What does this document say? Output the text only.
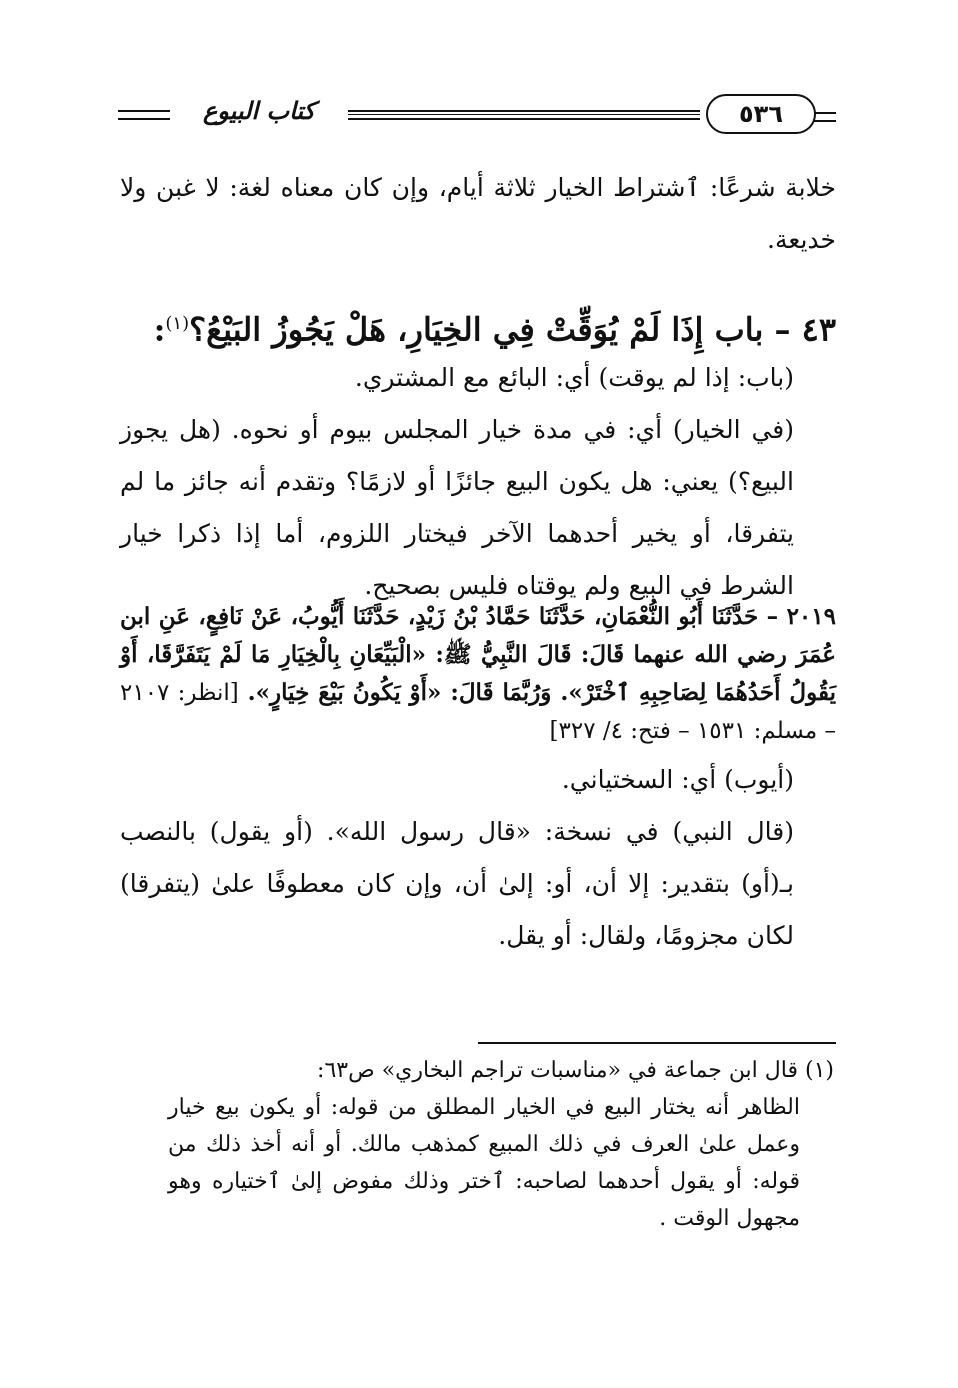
٥٣٦
كتاب البيوع
خلابة شرعًا: ٱشتراط الخيار ثلاثة أيام، وإن كان معناه لغة: لا غبن ولا خديعة.
٤٣ – باب إِذَا لَمْ يُوَقِّتْ فِي الخِيَارِ، هَلْ يَجُوزُ البَيْعُ؟$^{(١)}$:
(باب: إذا لم يوقت) أي: البائع مع المشتري.
(في الخيار) أي: في مدة خيار المجلس بيوم أو نحوه. (هل يجوز البيع؟) يعني: هل يكون البيع جائزًا أو لازمًا؟ وتقدم أنه جائز ما لم يتفرقا، أو يخير أحدهما الآخر فيختار اللزوم، أما إذا ذكرا خيار الشرط في البيع ولم يوقتاه فليس بصحيح.
٢٠١٩ – حَدَّثَنَا أَبُو النُّعْمَانِ، حَدَّثَنَا حَمَّادُ بْنُ زَيْدٍ، حَدَّثَنَا أَيُّوبُ، عَنْ نَافِعٍ، عَنِ ابن عُمَرَ رضي الله عنهما قَالَ: قَالَ النَّبِيُّ ﷺ: «الْبَيِّعَانِ بِالْخِيَارِ مَا لَمْ يَتَفَرَّقَا، أَوْ يَقُولُ أَحَدُهُمَا لِصَاحِبِهِ ٱخْتَرْ». وَرُبَّمَا قَالَ: «أَوْ يَكُونُ بَيْعَ خِيَارٍ». [انظر: ٢١٠٧ – مسلم: ١٥٣١ – فتح: ٤/ ٣٢٧]
(أيوب) أي: السختياني.
(قال النبي) في نسخة: «قال رسول الله». (أو يقول) بالنصب بـ(أو) بتقدير: إلا أن، أو: إلىٰ أن، وإن كان معطوفًا علىٰ (يتفرقا) لكان مجزومًا، ولقال: أو يقل.
(١) قال ابن جماعة في «مناسبات تراجم البخاري» ص٦٣:
الظاهر أنه يختار البيع في الخيار المطلق من قوله: أو يكون بيع خيار وعمل علىٰ العرف في ذلك المبيع كمذهب مالك. أو أنه أخذ ذلك من قوله: أو يقول أحدهما لصاحبه: ٱختر وذلك مفوض إلىٰ ٱختياره وهو مجهول الوقت .
